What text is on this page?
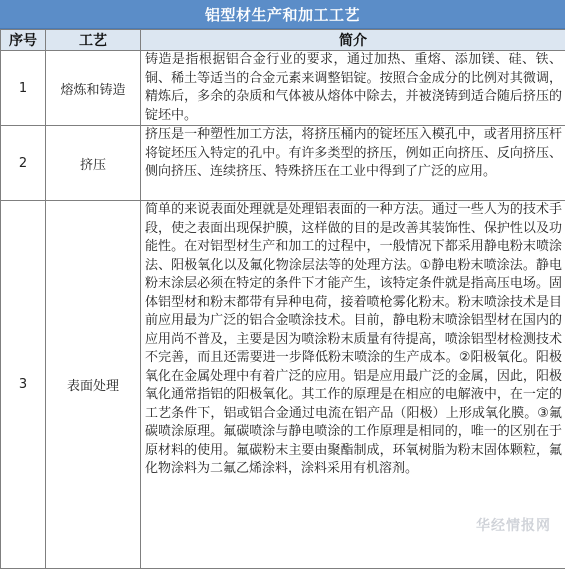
铝型材生产和加工工艺
序号	工艺	简介
1	熔炼和铸造	铸造是指根据铝合金行业的要求，通过加热、重熔、添加镁、硅、铁、铜、稀土等适当的合金元素来调整铝锭。按照合金成分的比例对其微调，精炼后，多余的杂质和气体被从熔体中除去，并被浇铸到适合随后挤压的锭坯中。
2	挤压	挤压是一种塑性加工方法，将挤压桶内的锭坯压入模孔中，或者用挤压杆将锭坯压入特定的孔中。有许多类型的挤压，例如正向挤压、反向挤压、侧向挤压、连续挤压、特殊挤压在工业中得到了广泛的应用。
3	表面处理	简单的来说表面处理就是处理铝表面的一种方法。通过一些人为的技术手段，使之表面出现保护膜，这样做的目的是改善其装饰性、保护性以及功能性。在对铝型材生产和加工的过程中，一般情况下都采用静电粉末喷涂法、阳极氧化以及氟化物涂层法等的处理方法。①静电粉末喷涂法。静电粉末涂层必须在特定的条件下才能产生，该特定条件就是指高压电场。固体铝型材和粉末都带有异种电荷，接着喷枪雾化粉末。粉末喷涂技术是目前应用最为广泛的铝合金喷涂技术。目前，静电粉末喷涂铝型材在国内的应用尚不普及，主要是因为喷涂粉末质量有待提高，喷涂铝型材检测技术不完善，而且还需要进一步降低粉末喷涂的生产成本。②阳极氧化。阳极氧化在金属处理中有着广泛的应用。铝是应用最广泛的金属，因此，阳极氧化通常指铝的阳极氧化。其工作的原理是在相应的电解液中，在一定的工艺条件下，铝或铝合金通过电流在铝产品（阳极）上形成氧化膜。③氟碳喷涂原理。氟碳喷涂与静电喷涂的工作原理是相同的，唯一的区别在于原材料的使用。氟碳粉末主要由聚酯制成，环氧树脂为粉末固体颗粒，氟化物涂料为二氟乙烯涂料，涂料采用有机溶剂。
华经情报网
